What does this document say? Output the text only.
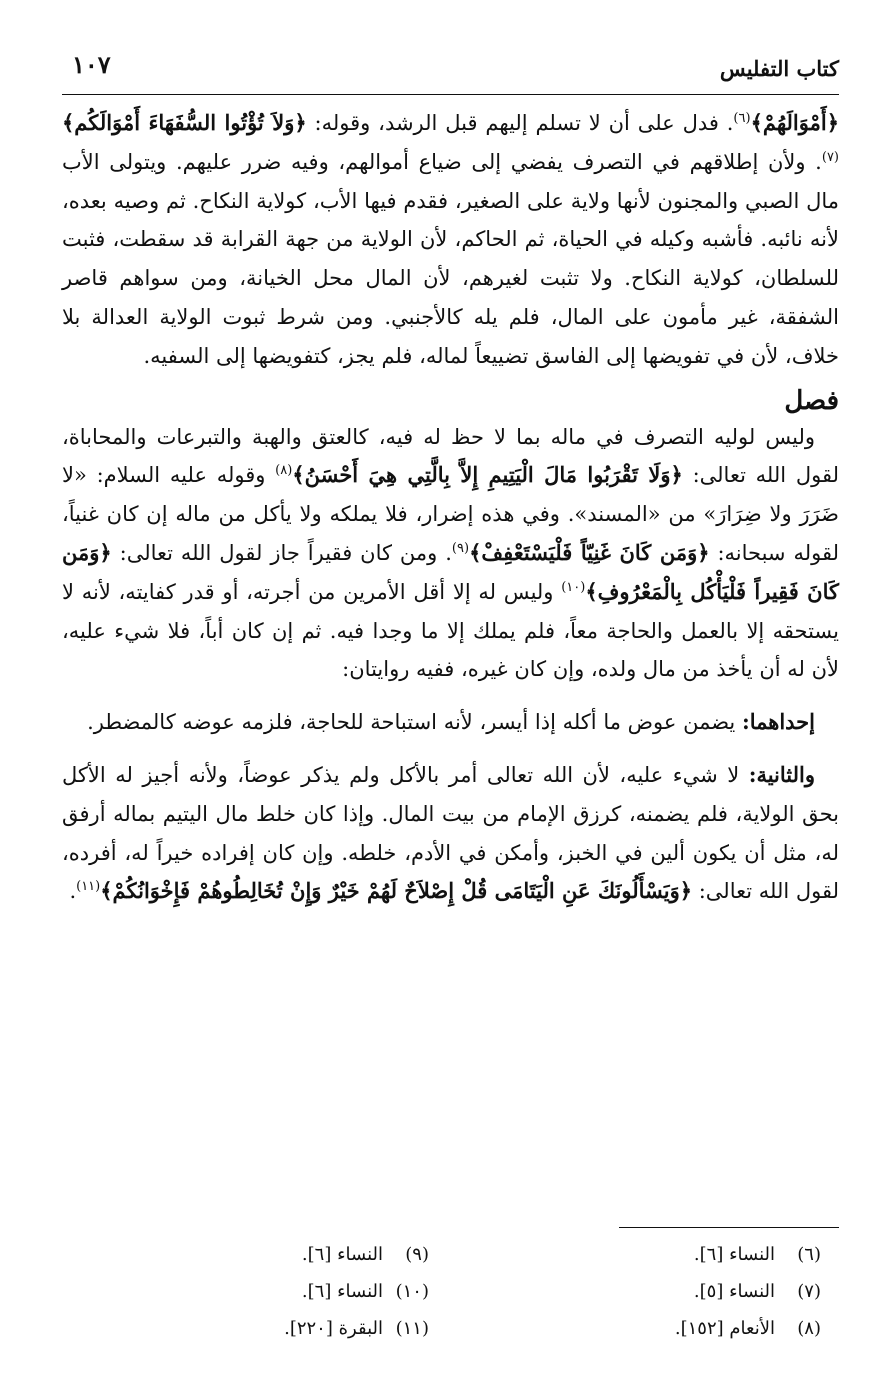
كتاب التفليس
١٠٧

﴿أَمْوَالَهُمْ﴾$^{(٦)}$. فدل على أن لا تسلم إليهم قبل الرشد، وقوله: ﴿وَلاَ تُؤْتُوا السُّفَهَاءَ أَمْوَالَكُم﴾$^{(٧)}$. ولأن إطلاقهم في التصرف يفضي إلى ضياع أموالهم، وفيه ضرر عليهم. ويتولى الأب مال الصبي والمجنون لأنها ولاية على الصغير، فقدم فيها الأب، كولاية النكاح. ثم وصيه بعده، لأنه نائبه. فأشبه وكيله في الحياة، ثم الحاكم، لأن الولاية من جهة القرابة قد سقطت، فثبت للسلطان، كولاية النكاح. ولا تثبت لغيرهم، لأن المال محل الخيانة، ومن سواهم قاصر الشفقة، غير مأمون على المال، فلم يله كالأجنبي. ومن شرط ثبوت الولاية العدالة بلا خلاف، لأن في تفويضها إلى الفاسق تضييعاً لماله، فلم يجز، كتفويضها إلى السفيه.

فصل

وليس لوليه التصرف في ماله بما لا حظ له فيه، كالعتق والهبة والتبرعات والمحاباة، لقول الله تعالى: ﴿وَلَا تَقْرَبُوا مَالَ الْيَتِيمِ إِلاَّ بِالَّتِي هِيَ أَحْسَنُ﴾$^{(٨)}$ وقوله عليه السلام: «لا ضَرَرَ ولا ضِرَارَ» من «المسند». وفي هذه إضرار، فلا يملكه ولا يأكل من ماله إن كان غنياً، لقوله سبحانه: ﴿وَمَن كَانَ غَنِيّاً فَلْيَسْتَعْفِفْ﴾$^{(٩)}$. ومن كان فقيراً جاز لقول الله تعالى: ﴿وَمَن كَانَ فَقِيراً فَلْيَأْكُل بِالْمَعْرُوفِ﴾$^{(١٠)}$ وليس له إلا أقل الأمرين من أجرته، أو قدر كفايته، لأنه لا يستحقه إلا بالعمل والحاجة معاً، فلم يملك إلا ما وجدا فيه. ثم إن كان أباً، فلا شيء عليه، لأن له أن يأخذ من مال ولده، وإن كان غيره، ففيه روايتان:

إحداهما: يضمن عوض ما أكله إذا أيسر، لأنه استباحة للحاجة، فلزمه عوضه كالمضطر.

والثانية: لا شيء عليه، لأن الله تعالى أمر بالأكل ولم يذكر عوضاً، ولأنه أجيز له الأكل بحق الولاية، فلم يضمنه، كرزق الإمام من بيت المال. وإذا كان خلط مال اليتيم بماله أرفق له، مثل أن يكون ألين في الخبز، وأمكن في الأدم، خلطه. وإن كان إفراده خيراً له، أفرده، لقول الله تعالى: ﴿وَيَسْأَلُونَكَ عَنِ الْيَتَامَى قُلْ إِصْلاَحٌ لَهُمْ خَيْرٌ وَإِنْ تُخَالِطُوهُمْ فَإِخْوَانُكُمْ﴾$^{(١١)}$.

(٦)النساء [٦].
(٧)النساء [٥].
(٨)الأنعام [١٥٢].
(٩)النساء [٦].
(١٠)النساء [٦].
(١١)البقرة [٢٢٠].
